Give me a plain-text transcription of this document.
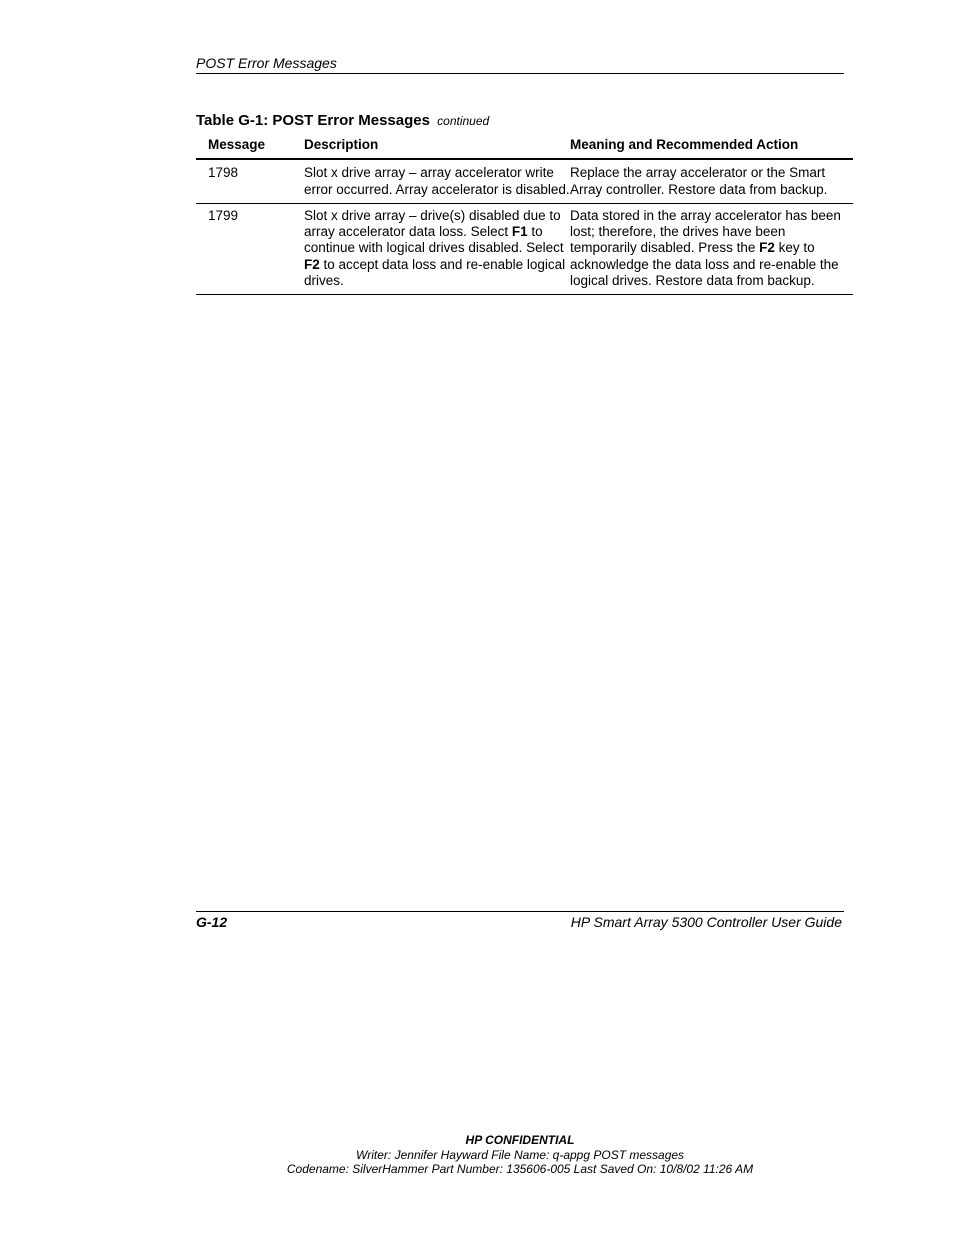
POST Error Messages
Table G-1: POST Error Messages continued
Message	Description	Meaning and Recommended Action
1798	Slot x drive array – array accelerator write error occurred. Array accelerator is disabled.	Replace the array accelerator or the Smart Array controller. Restore data from backup.
1799	Slot x drive array – drive(s) disabled due to array accelerator data loss. Select F1 to continue with logical drives disabled. Select F2 to accept data loss and re-enable logical drives.	Data stored in the array accelerator has been lost; therefore, the drives have been temporarily disabled. Press the F2 key to acknowledge the data loss and re-enable the logical drives. Restore data from backup.
G-12	HP Smart Array 5300 Controller User Guide
HP CONFIDENTIAL
Writer: Jennifer Hayward File Name: q-appg POST messages
Codename: SilverHammer Part Number: 135606-005 Last Saved On: 10/8/02 11:26 AM
